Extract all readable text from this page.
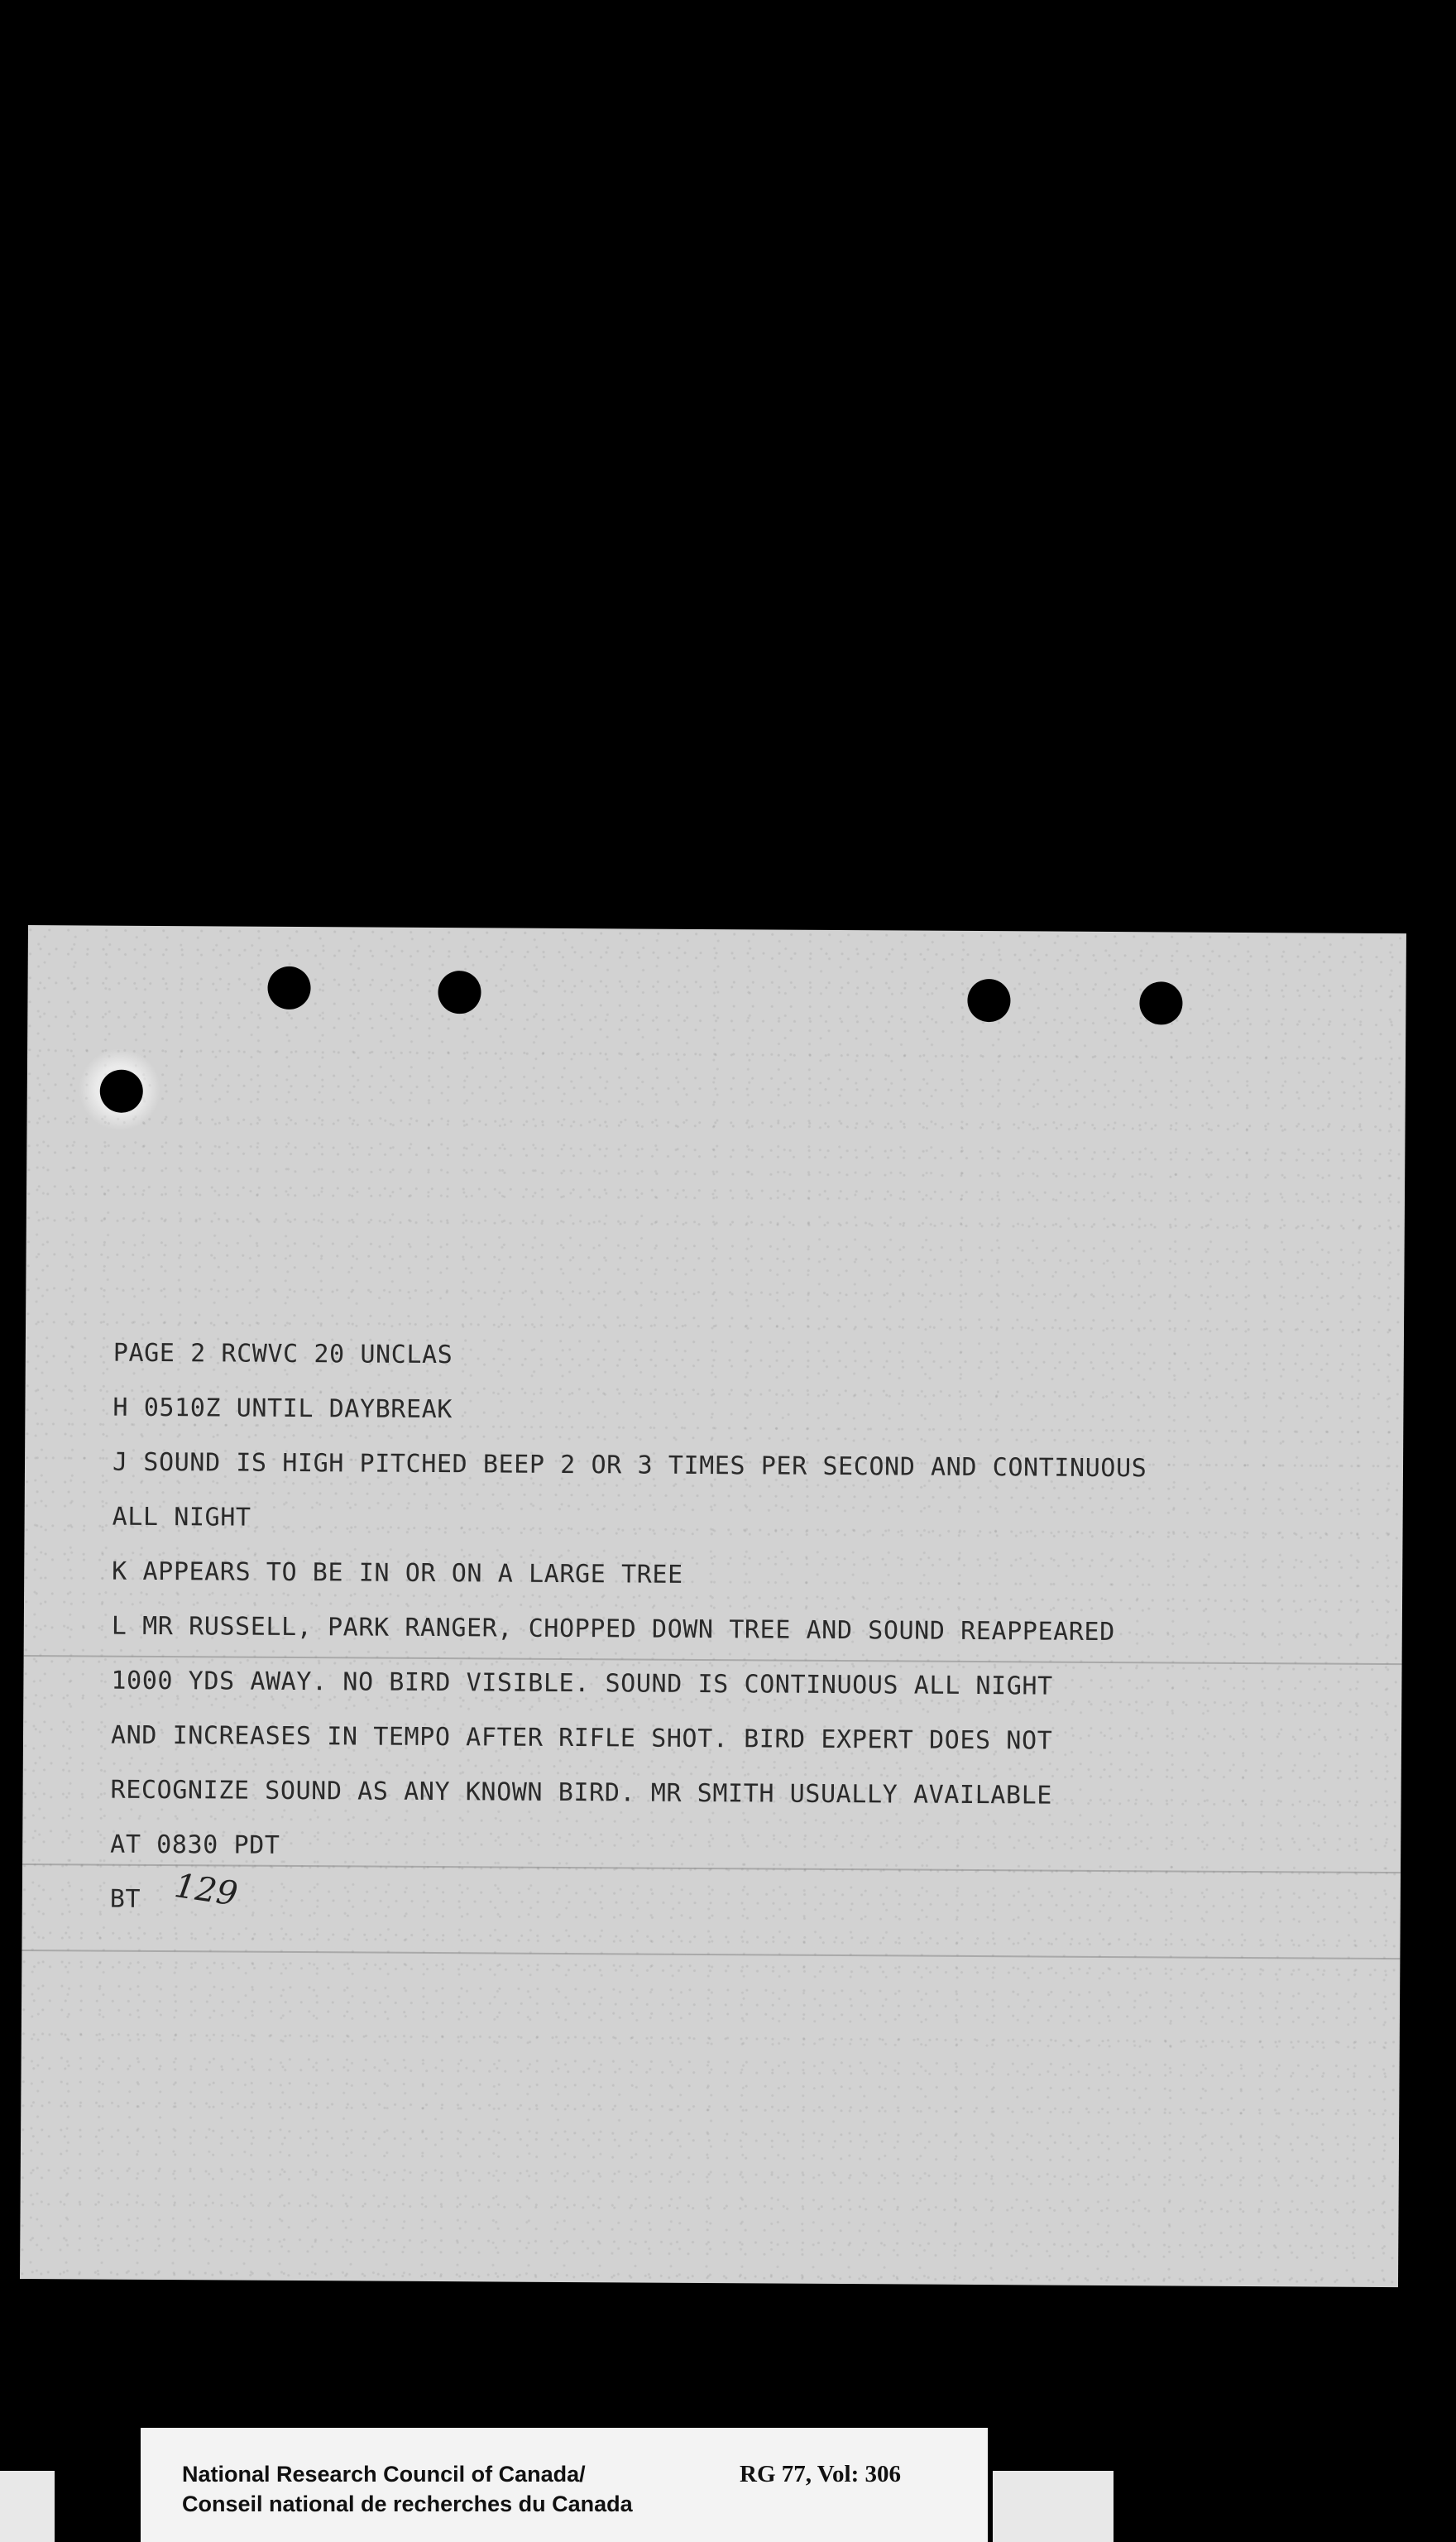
PAGE 2 RCWVC 20 UNCLAS
H 0510Z UNTIL DAYBREAK
J SOUND IS HIGH PITCHED BEEP 2 OR 3 TIMES PER SECOND AND CONTINUOUS
ALL NIGHT
K APPEARS TO BE IN OR ON A LARGE TREE
L MR RUSSELL, PARK RANGER, CHOPPED DOWN TREE AND SOUND REAPPEARED
1000 YDS AWAY. NO BIRD VISIBLE. SOUND IS CONTINUOUS ALL NIGHT
AND INCREASES IN TEMPO AFTER RIFLE SHOT. BIRD EXPERT DOES NOT
RECOGNIZE SOUND AS ANY KNOWN BIRD. MR SMITH USUALLY AVAILABLE
AT 0830 PDT
BT 129
National Research Council of Canada/
Conseil national de recherches du Canada
RG 77, Vol: 306
